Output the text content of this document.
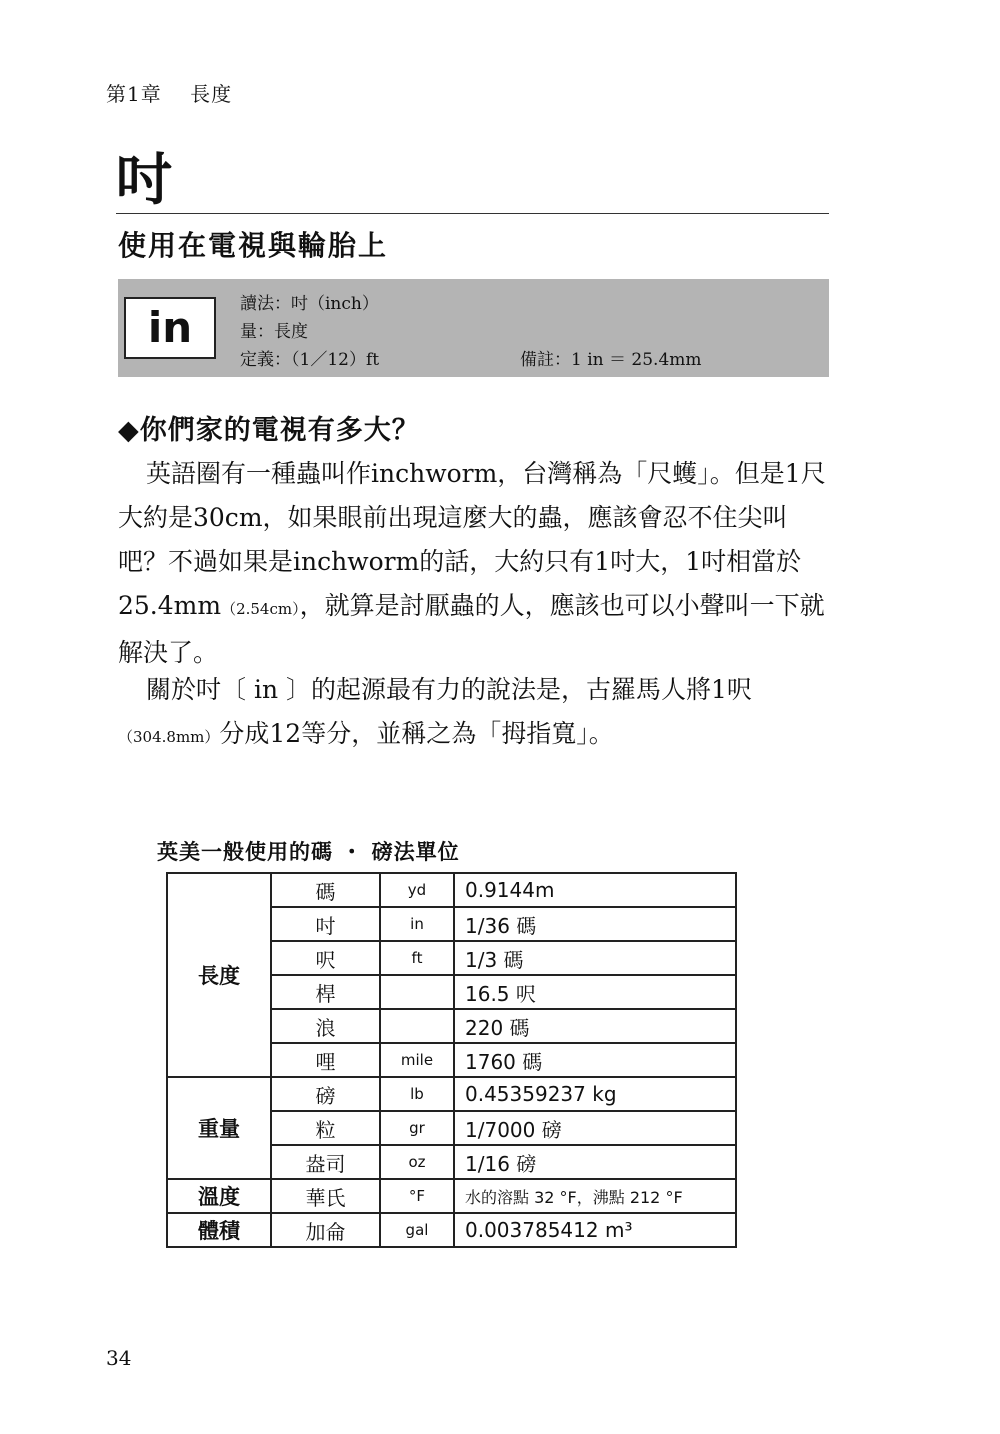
第1章　 長度
吋
使用在電視與輪胎上
in	讀法：吋（inch）
量：長度
定義：（1／12）ft	備註：1 in ＝ 25.4mm
◆你們家的電視有多大？
英語圈有一種蟲叫作inchworm，台灣稱為「尺蠖」。但是1尺大約是30cm，如果眼前出現這麼大的蟲，應該會忍不住尖叫吧？不過如果是inchworm的話，大約只有1吋大，1吋相當於25.4mm（2.54cm），就算是討厭蟲的人，應該也可以小聲叫一下就解決了。
關於吋〔 in 〕的起源最有力的說法是，古羅馬人將1呎（304.8mm）分成12等分，並稱之為「拇指寬」。
英美一般使用的碼 ・ 磅法單位
長度	碼	yd	0.9144m
	吋	in	1/36 碼
	呎	ft	1/3 碼
	桿		16.5 呎
	浪		220 碼
	哩	mile	1760 碼
重量	磅	lb	0.45359237 kg
	粒	gr	1/7000 磅
	盎司	oz	1/16 磅
溫度	華氏	°F	水的溶點 32 °F，沸點 212 °F
體積	加侖	gal	0.003785412 m³
34
